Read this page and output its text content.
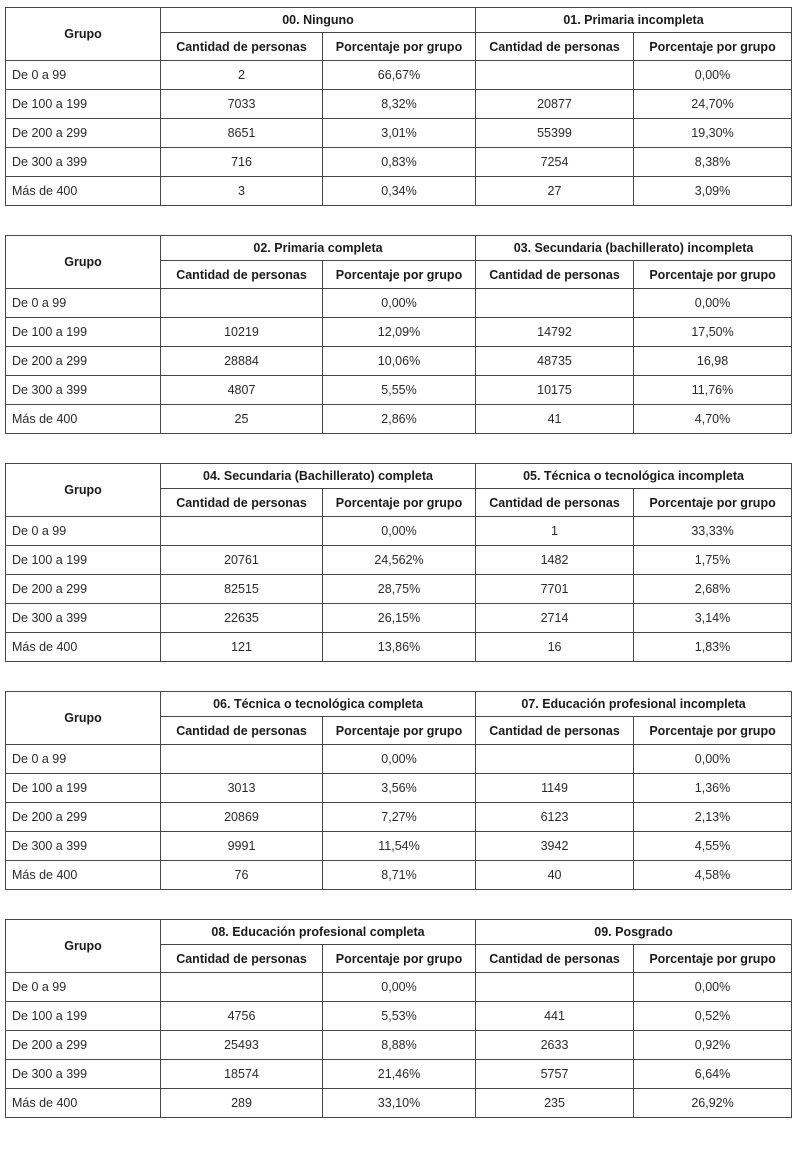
Grupo	00. Ninguno		01. Primaria incompleta	
	Cantidad de personas	Porcentaje por grupo	Cantidad de personas	Porcentaje por grupo
De 0 a 99	2	66,67%		0,00%
De 100 a 199	7033	8,32%	20877	24,70%
De 200 a 299	8651	3,01%	55399	19,30%
De 300 a 399	716	0,83%	7254	8,38%
Más de 400	3	0,34%	27	3,09%
Grupo	02. Primaria completa		03. Secundaria (bachillerato) incompleta	
	Cantidad de personas	Porcentaje por grupo	Cantidad de personas	Porcentaje por grupo
De 0 a 99		0,00%		0,00%
De 100 a 199	10219	12,09%	14792	17,50%
De 200 a 299	28884	10,06%	48735	16,98
De 300 a 399	4807	5,55%	10175	11,76%
Más de 400	25	2,86%	41	4,70%
Grupo	04. Secundaria (Bachillerato) completa		05. Técnica o tecnológica incompleta	
	Cantidad de personas	Porcentaje por grupo	Cantidad de personas	Porcentaje por grupo
De 0 a 99		0,00%	1	33,33%
De 100 a 199	20761	24,562%	1482	1,75%
De 200 a 299	82515	28,75%	7701	2,68%
De 300 a 399	22635	26,15%	2714	3,14%
Más de 400	121	13,86%	16	1,83%
Grupo	06. Técnica o tecnológica completa		07. Educación profesional incompleta	
	Cantidad de personas	Porcentaje por grupo	Cantidad de personas	Porcentaje por grupo
De 0 a 99		0,00%		0,00%
De 100 a 199	3013	3,56%	1149	1,36%
De 200 a 299	20869	7,27%	6123	2,13%
De 300 a 399	9991	11,54%	3942	4,55%
Más de 400	76	8,71%	40	4,58%
Grupo	08. Educación profesional completa		09. Posgrado	
	Cantidad de personas	Porcentaje por grupo	Cantidad de personas	Porcentaje por grupo
De 0 a 99		0,00%		0,00%
De 100 a 199	4756	5,53%	441	0,52%
De 200 a 299	25493	8,88%	2633	0,92%
De 300 a 399	18574	21,46%	5757	6,64%
Más de 400	289	33,10%	235	26,92%
